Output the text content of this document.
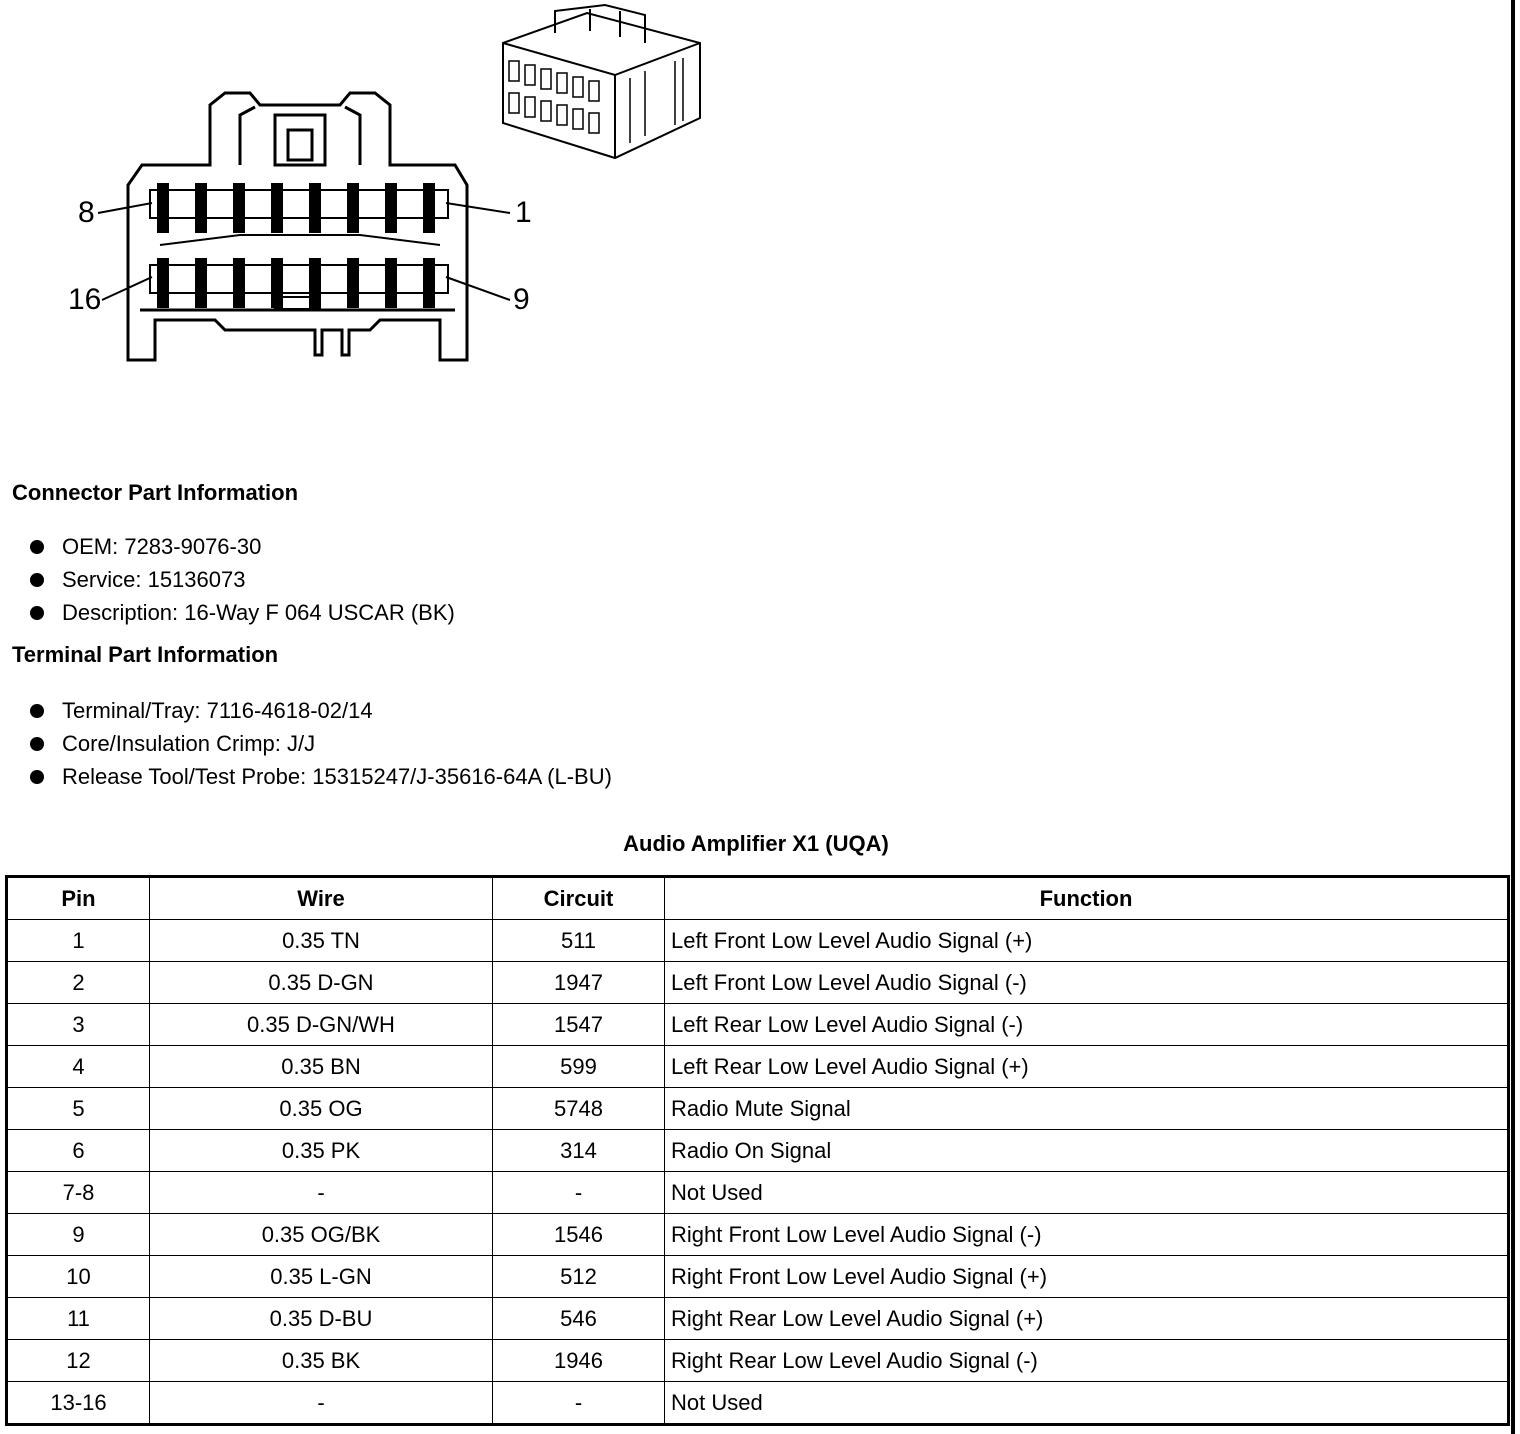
8	1
16	9
Connector Part Information
OEM: 7283-9076-30
Service: 15136073
Description: 16-Way F 064 USCAR (BK)
Terminal Part Information
Terminal/Tray: 7116-4618-02/14
Core/Insulation Crimp: J/J
Release Tool/Test Probe: 15315247/J-35616-64A (L-BU)
Audio Amplifier X1 (UQA)
Pin	Wire	Circuit	Function
1	0.35 TN	511	Left Front Low Level Audio Signal (+)
2	0.35 D-GN	1947	Left Front Low Level Audio Signal (-)
3	0.35 D-GN/WH	1547	Left Rear Low Level Audio Signal (-)
4	0.35 BN	599	Left Rear Low Level Audio Signal (+)
5	0.35 OG	5748	Radio Mute Signal
6	0.35 PK	314	Radio On Signal
7-8	-	-	Not Used
9	0.35 OG/BK	1546	Right Front Low Level Audio Signal (-)
10	0.35 L-GN	512	Right Front Low Level Audio Signal (+)
11	0.35 D-BU	546	Right Rear Low Level Audio Signal (+)
12	0.35 BK	1946	Right Rear Low Level Audio Signal (-)
13-16	-	-	Not Used
